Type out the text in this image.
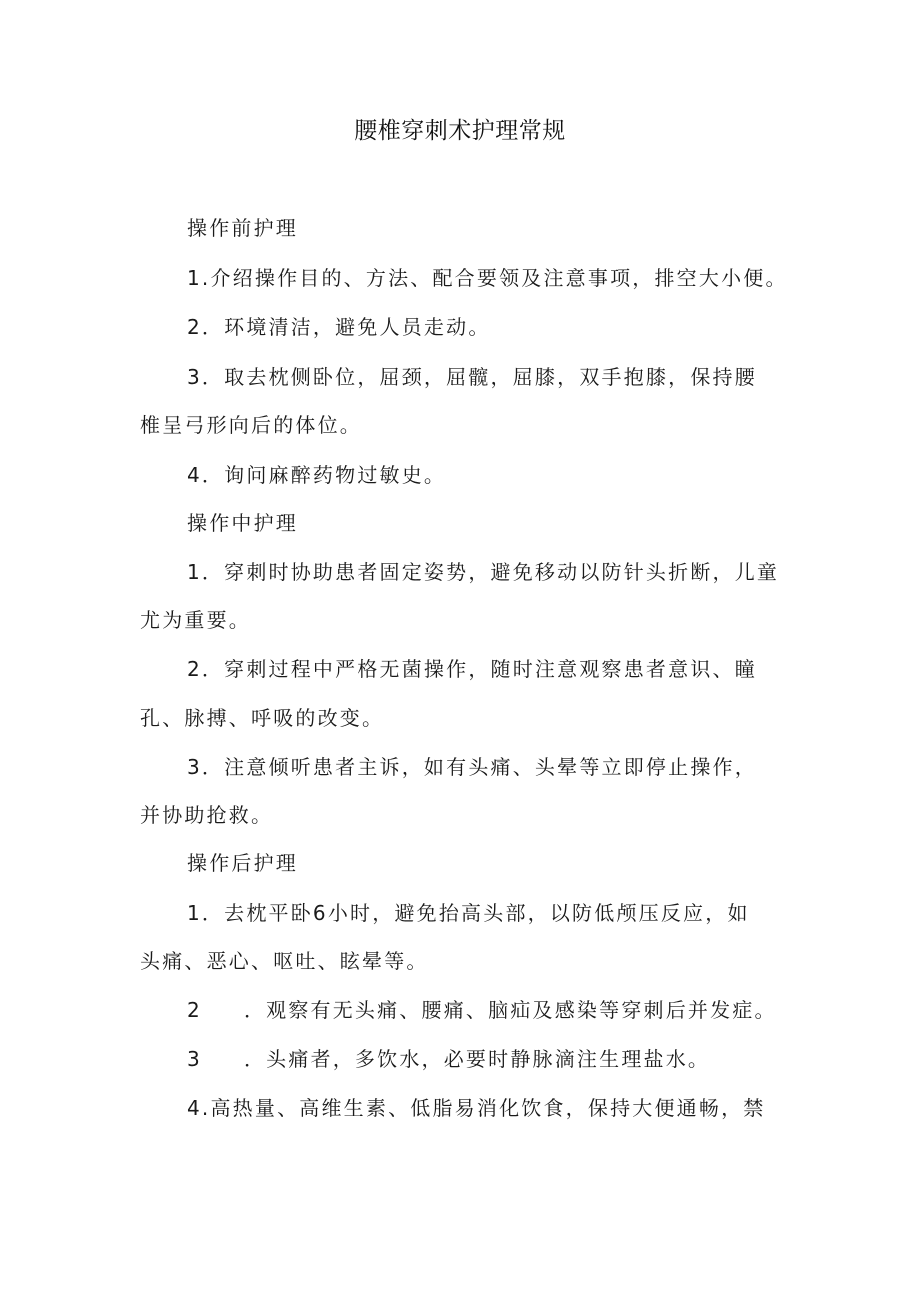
腰椎穿刺术护理常规
操作前护理
1.介绍操作目的、方法、配合要领及注意事项，排空大小便。
2．环境清洁，避免人员走动。
3．取去枕侧卧位，屈颈，屈髋，屈膝，双手抱膝，保持腰
椎呈弓形向后的体位。
4．询问麻醉药物过敏史。
操作中护理
1．穿刺时协助患者固定姿势，避免移动以防针头折断，儿童
尤为重要。
2．穿刺过程中严格无菌操作，随时注意观察患者意识、瞳
孔、脉搏、呼吸的改变。
3．注意倾听患者主诉，如有头痛、头晕等立即停止操作，
并协助抢救。
操作后护理
1．去枕平卧6小时，避免抬高头部，以防低颅压反应，如
头痛、恶心、呕吐、眩晕等。
2 ．观察有无头痛、腰痛、脑疝及感染等穿刺后并发症。
3 ．头痛者，多饮水，必要时静脉滴注生理盐水。
4.高热量、高维生素、低脂易消化饮食，保持大便通畅，禁
